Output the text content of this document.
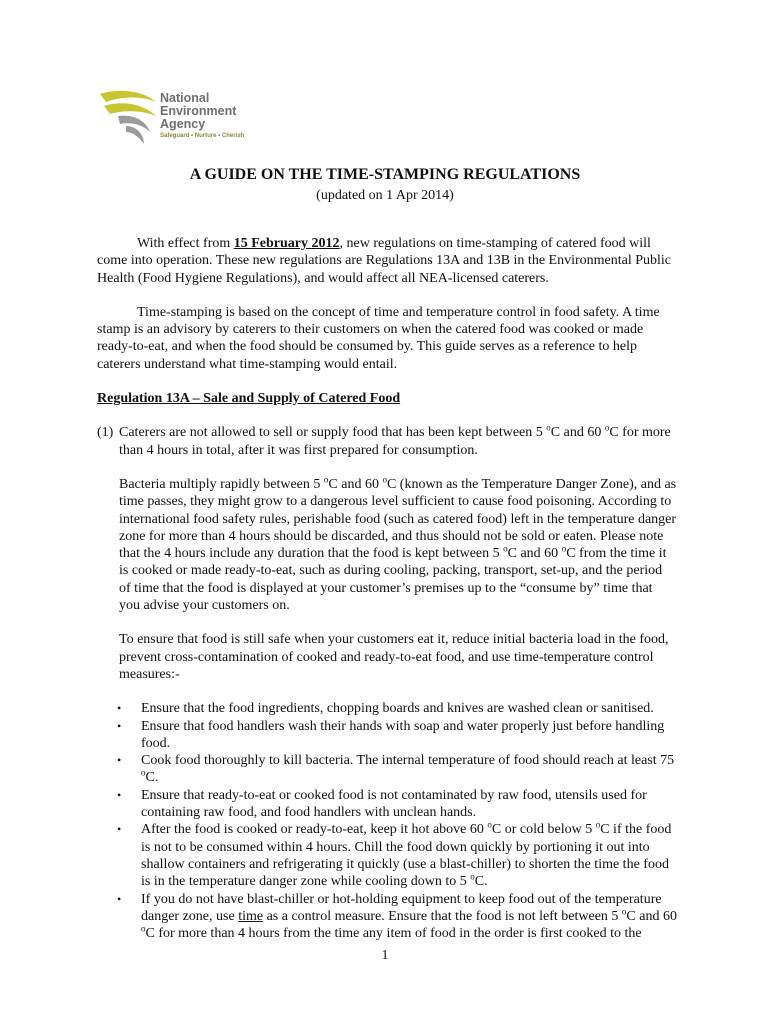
National
Environment
Agency
Safeguard • Nurture • Cherish
A GUIDE ON THE TIME-STAMPING REGULATIONS
(updated on 1 Apr 2014)

With effect from 15 February 2012, new regulations on time-stamping of catered food will come into operation. These new regulations are Regulations 13A and 13B in the Environmental Public Health (Food Hygiene Regulations), and would affect all NEA-licensed caterers.

Time-stamping is based on the concept of time and temperature control in food safety. A time stamp is an advisory by caterers to their customers on when the catered food was cooked or made ready-to-eat, and when the food should be consumed by. This guide serves as a reference to help caterers understand what time-stamping would entail.

Regulation 13A – Sale and Supply of Catered Food

(1) Caterers are not allowed to sell or supply food that has been kept between 5 $^o$C and 60 $^o$C for more than 4 hours in total, after it was first prepared for consumption.

Bacteria multiply rapidly between 5 $^o$C and 60 $^o$C (known as the Temperature Danger Zone), and as time passes, they might grow to a dangerous level sufficient to cause food poisoning. According to international food safety rules, perishable food (such as catered food) left in the temperature danger zone for more than 4 hours should be discarded, and thus should not be sold or eaten. Please note that the 4 hours include any duration that the food is kept between 5 $^o$C and 60 $^o$C from the time it is cooked or made ready-to-eat, such as during cooling, packing, transport, set-up, and the period of time that the food is displayed at your customer’s premises up to the “consume by” time that you advise your customers on.

To ensure that food is still safe when your customers eat it, reduce initial bacteria load in the food, prevent cross-contamination of cooked and ready-to-eat food, and use time-temperature control measures:-

• Ensure that the food ingredients, chopping boards and knives are washed clean or sanitised.
• Ensure that food handlers wash their hands with soap and water properly just before handling food.
• Cook food thoroughly to kill bacteria. The internal temperature of food should reach at least 75 $^o$C.
• Ensure that ready-to-eat or cooked food is not contaminated by raw food, utensils used for containing raw food, and food handlers with unclean hands.
• After the food is cooked or ready-to-eat, keep it hot above 60 $^o$C or cold below 5 $^o$C if the food is not to be consumed within 4 hours. Chill the food down quickly by portioning it out into shallow containers and refrigerating it quickly (use a blast-chiller) to shorten the time the food is in the temperature danger zone while cooling down to 5 $^o$C.
• If you do not have blast-chiller or hot-holding equipment to keep food out of the temperature danger zone, use time as a control measure. Ensure that the food is not left between 5 $^o$C and 60 $^o$C for more than 4 hours from the time any item of food in the order is first cooked to the
1
